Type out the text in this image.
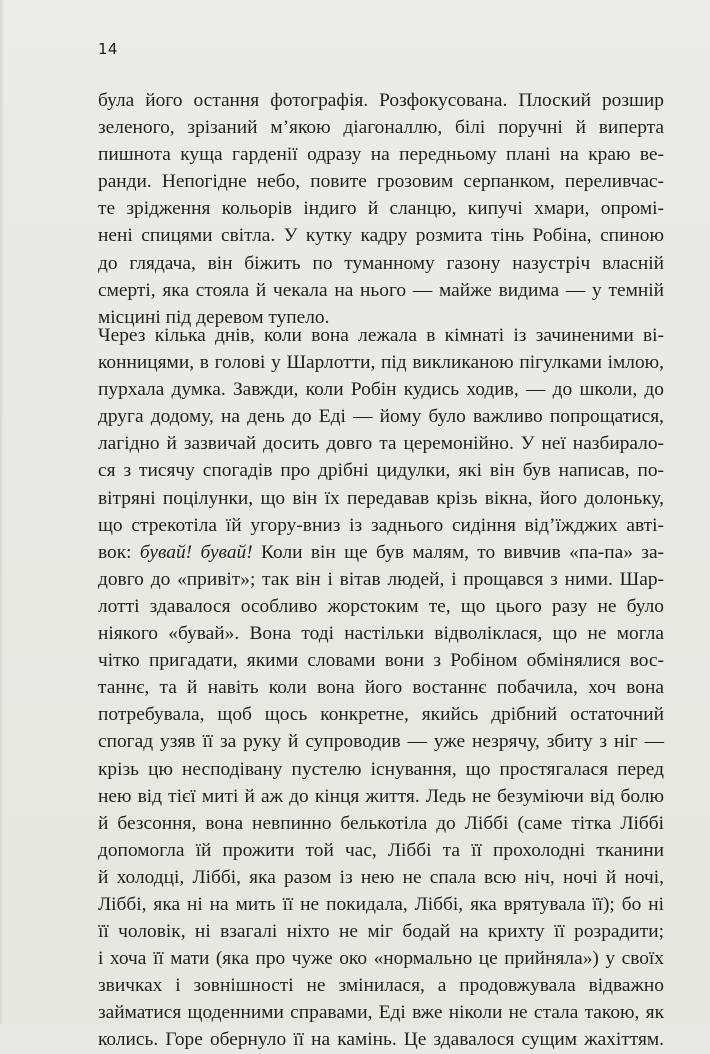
14
була його остання фотографія. Розфокусована. Плоский розшир
зеленого, зрізаний м’якою діагоналлю, білі поручні й виперта
пишнота куща гарденії одразу на передньому плані на краю ве-
ранди. Непогідне небо, повите грозовим серпанком, переливчас-
те зрідження кольорів індиго й сланцю, кипучі хмари, опромі-
нені спицями світла. У кутку кадру розмита тінь Робіна, спиною
до глядача, він біжить по туманному газону назустріч власній
смерті, яка стояла й чекала на нього — майже видима — у темній
місцині під деревом тупело.
Через кілька днів, коли вона лежала в кімнаті із зачиненими ві-
конницями, в голові у Шарлотти, під викликаною пігулками імлою,
пурхала думка. Завжди, коли Робін кудись ходив, — до школи, до
друга додому, на день до Еді — йому було важливо попрощатися,
лагідно й зазвичай досить довго та церемонійно. У неї назбирало-
ся з тисячу спогадів про дрібні цидулки, які він був написав, по-
вітряні поцілунки, що він їх передавав крізь вікна, його долоньку,
що стрекотіла їй угору-вниз із заднього сидіння від’їжджих авті-
вок: бувай! бувай! Коли він ще був малям, то вивчив «па-па» за-
довго до «привіт»; так він і вітав людей, і прощався з ними. Шар-
лотті здавалося особливо жорстоким те, що цього разу не було
ніякого «бувай». Вона тоді настільки відволіклася, що не могла
чітко пригадати, якими словами вони з Робіном обмінялися вос-
таннє, та й навіть коли вона його востаннє побачила, хоч вона
потребувала, щоб щось конкретне, якийсь дрібний остаточний
спогад узяв її за руку й супроводив — уже незрячу, збиту з ніг —
крізь цю несподівану пустелю існування, що простягалася перед
нею від тієї миті й аж до кінця життя. Ледь не безуміючи від болю
й безсоння, вона невпинно белькотіла до Ліббі (саме тітка Ліббі
допомогла їй прожити той час, Ліббі та її прохолодні тканини
й холодці, Ліббі, яка разом із нею не спала всю ніч, ночі й ночі,
Ліббі, яка ні на мить її не покидала, Ліббі, яка врятувала її); бо ні
її чоловік, ні взагалі ніхто не міг бодай на крихту її розрадити;
і хоча її мати (яка про чуже око «нормально це прийняла») у своїх
звичках і зовнішності не змінилася, а продовжувала відважно
займатися щоденними справами, Еді вже ніколи не стала такою, як
колись. Горе обернуло її на камінь. Це здавалося сущим жахіттям.
